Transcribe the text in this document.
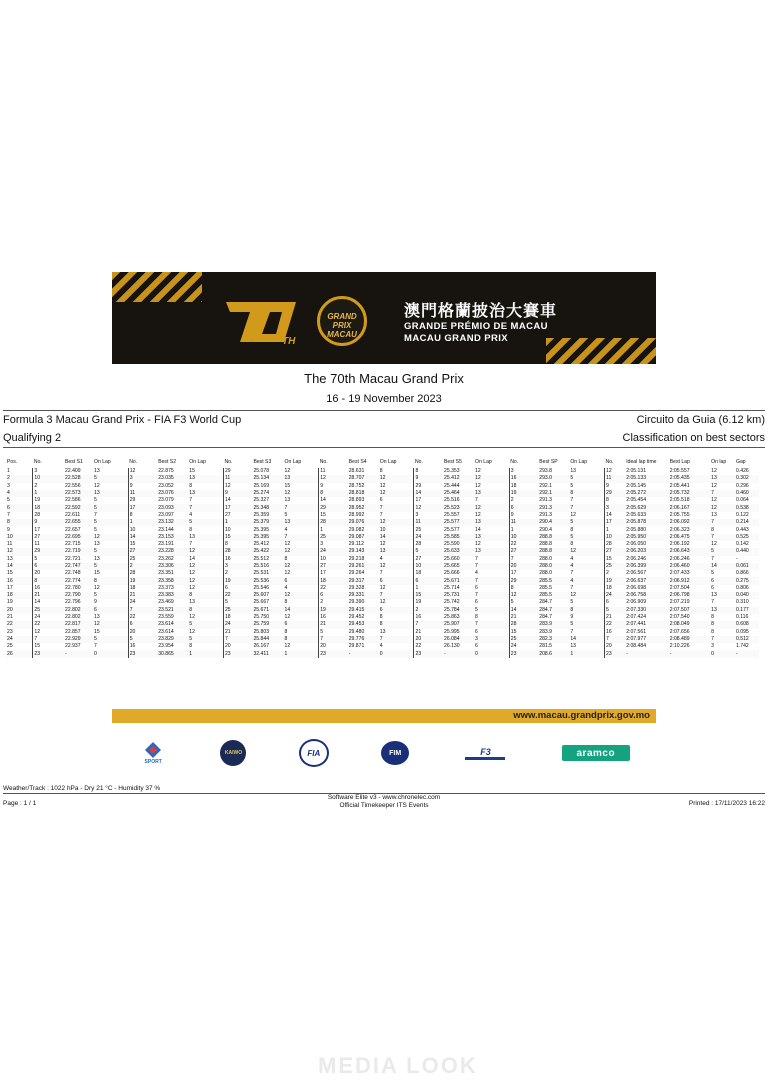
TH
GRAND PRIX MACAU
澳門格蘭披治大賽車
GRANDE PRÉMIO DE MACAU
MACAU GRAND PRIX
The 70th Macau Grand Prix
16 - 19 November 2023
Formula 3 Macau Grand Prix - FIA F3 World Cup	Circuito da Guia (6.12 km)
Qualifying 2	Classification on best sectors
Pos.	No.	Best S1	On Lap	No.	Best S2	On Lap	No.	Best S3	On Lap	No.	Best S4	On Lap	No.	Best S5	On Lap	No.	Best SP	On Lap	No.	Ideal lap time	Best Lap	On lap	Gap
1	3	22.409	13	12	22.875	15	29	25.078	12	11	28.631	8	8	25.353	12	3	293.8	13	12	2:05.131	2:05.557	12	0.426
2	10	22.528	5	3	23.035	13	11	25.134	13	12	28.707	12	9	25.412	12	16	293.0	5	11	2:05.133	2:05.435	13	0.302
3	2	22.556	12	9	23.052	8	12	25.169	15	9	28.752	12	29	25.444	12	18	292.1	5	9	2:05.145	2:05.441	12	0.296
4	1	22.573	13	11	23.076	13	9	25.274	12	8	28.818	12	14	25.464	13	19	292.1	8	29	2:05.272	2:05.732	7	0.460
5	19	22.586	5	29	23.079	7	14	25.327	13	14	28.893	6	17	25.516	7	2	291.3	7	8	2:05.454	2:05.518	12	0.064
6	18	22.592	5	17	23.093	7	17	25.348	7	29	28.952	7	12	25.523	12	6	291.3	7	3	2:05.629	2:06.167	12	0.538
7	28	22.611	7	8	23.097	4	27	25.359	5	15	28.992	7	3	25.557	12	9	291.3	12	14	2:05.633	2:05.755	13	0.122
8	9	22.655	5	1	23.132	5	1	25.379	13	28	29.076	12	11	25.577	13	11	290.4	5	17	2:05.878	2:06.092	7	0.214
9	17	22.657	5	10	23.144	8	10	25.395	4	1	29.082	10	25	25.577	14	1	290.4	8	1	2:05.880	2:06.323	8	0.443
10	27	22.695	12	14	23.153	13	15	25.395	7	25	29.087	14	24	25.585	13	10	288.8	5	10	2:05.950	2:06.475	7	0.525
11	11	22.715	13	15	23.191	7	8	25.412	12	3	29.112	12	28	25.590	12	22	288.8	8	28	2:06.050	2:06.192	12	0.142
12	29	22.719	5	27	23.228	12	28	25.422	12	24	29.143	13	5	25.633	13	27	288.8	12	27	2:06.203	2:06.643	5	0.440
13	5	22.721	13	25	23.262	14	16	25.512	8	10	29.218	4	27	25.660	7	7	288.0	4	15	2:06.246	2:06.246	7	-
14	6	22.747	5	2	23.306	12	3	25.516	12	27	29.261	12	10	25.665	7	20	288.0	4	25	2:06.399	2:06.460	14	0.061
15	20	22.748	15	28	23.351	12	2	25.531	12	17	29.264	7	18	25.666	4	17	288.0	7	2	2:06.567	2:07.433	5	0.866
16	8	22.774	8	19	23.358	12	19	25.536	6	18	29.317	6	6	25.671	7	29	285.5	4	19	2:06.637	2:06.912	6	0.275
17	16	22.780	12	18	23.373	12	6	25.546	4	22	29.328	12	1	25.714	6	8	285.5	7	18	2:06.698	2:07.504	6	0.806
18	21	22.790	5	21	23.383	8	22	25.607	12	6	29.331	7	15	25.731	7	12	285.5	12	24	2:06.758	2:06.798	13	0.040
19	14	22.796	9	24	23.469	13	5	25.667	8	2	29.390	12	19	25.742	6	5	284.7	5	6	2:06.909	2:07.219	7	0.310
20	25	22.802	6	7	23.521	8	25	25.671	14	19	29.415	6	2	25.784	5	14	284.7	8	5	2:07.330	2:07.507	13	0.177
21	24	22.802	13	22	23.559	12	18	25.750	12	16	29.452	8	16	25.863	8	21	284.7	9	21	2:07.424	2:07.540	8	0.116
22	22	22.817	12	6	23.614	5	24	25.759	6	21	29.453	8	7	25.907	7	28	283.9	5	22	2:07.441	2:08.049	8	0.608
23	12	22.857	15	20	23.614	12	21	25.803	8	5	29.480	13	21	25.995	6	15	283.9	7	16	2:07.561	2:07.656	8	0.095
24	7	22.929	5	5	23.829	5	7	25.844	8	7	29.776	7	20	26.084	3	25	282.3	14	7	2:07.977	2:08.489	7	0.512
25	15	22.937	7	16	23.954	8	20	26.167	12	20	29.871	4	22	26.130	6	24	281.5	13	20	2:08.484	2:10.226	3	1.742
26	23	-	0	23	30.865	1	23	32.411	1	23	-	0	23	-	0	23	208.6	1	23	-	-	0	-
www.macau.grandprix.gov.mo
SPORT
KAIWO	FIA	FIM	F3	aramco
Weather/Track : 1022 hPa - Dry 21 °C - Humidity 37 %
Page : 1 / 1
Software Elite v3 - www.chronelec.com
Official Timekeeper ITS Events	Printed : 17/11/2023 16:22
MEDIA LOOK
